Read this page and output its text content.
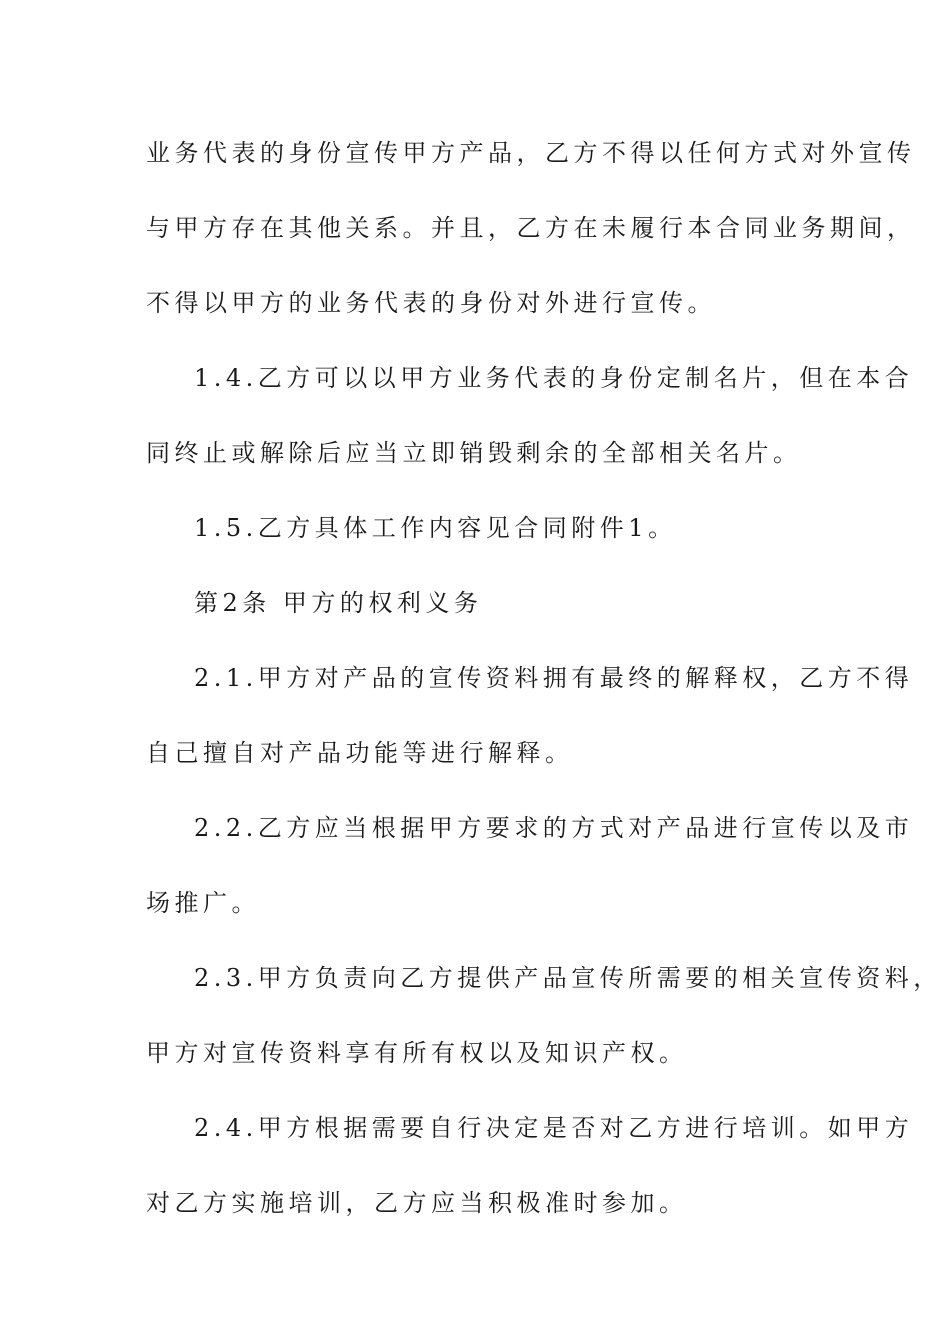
业务代表的身份宣传甲方产品，乙方不得以任何方式对外宣传
与甲方存在其他关系。并且，乙方在未履行本合同业务期间，
不得以甲方的业务代表的身份对外进行宣传。
1.4.乙方可以以甲方业务代表的身份定制名片，但在本合
同终止或解除后应当立即销毁剩余的全部相关名片。
1.5.乙方具体工作内容见合同附件1。
第2条 甲方的权利义务
2.1.甲方对产品的宣传资料拥有最终的解释权，乙方不得
自己擅自对产品功能等进行解释。
2.2.乙方应当根据甲方要求的方式对产品进行宣传以及市
场推广。
2.3.甲方负责向乙方提供产品宣传所需要的相关宣传资料，
甲方对宣传资料享有所有权以及知识产权。
2.4.甲方根据需要自行决定是否对乙方进行培训。如甲方
对乙方实施培训，乙方应当积极准时参加。
